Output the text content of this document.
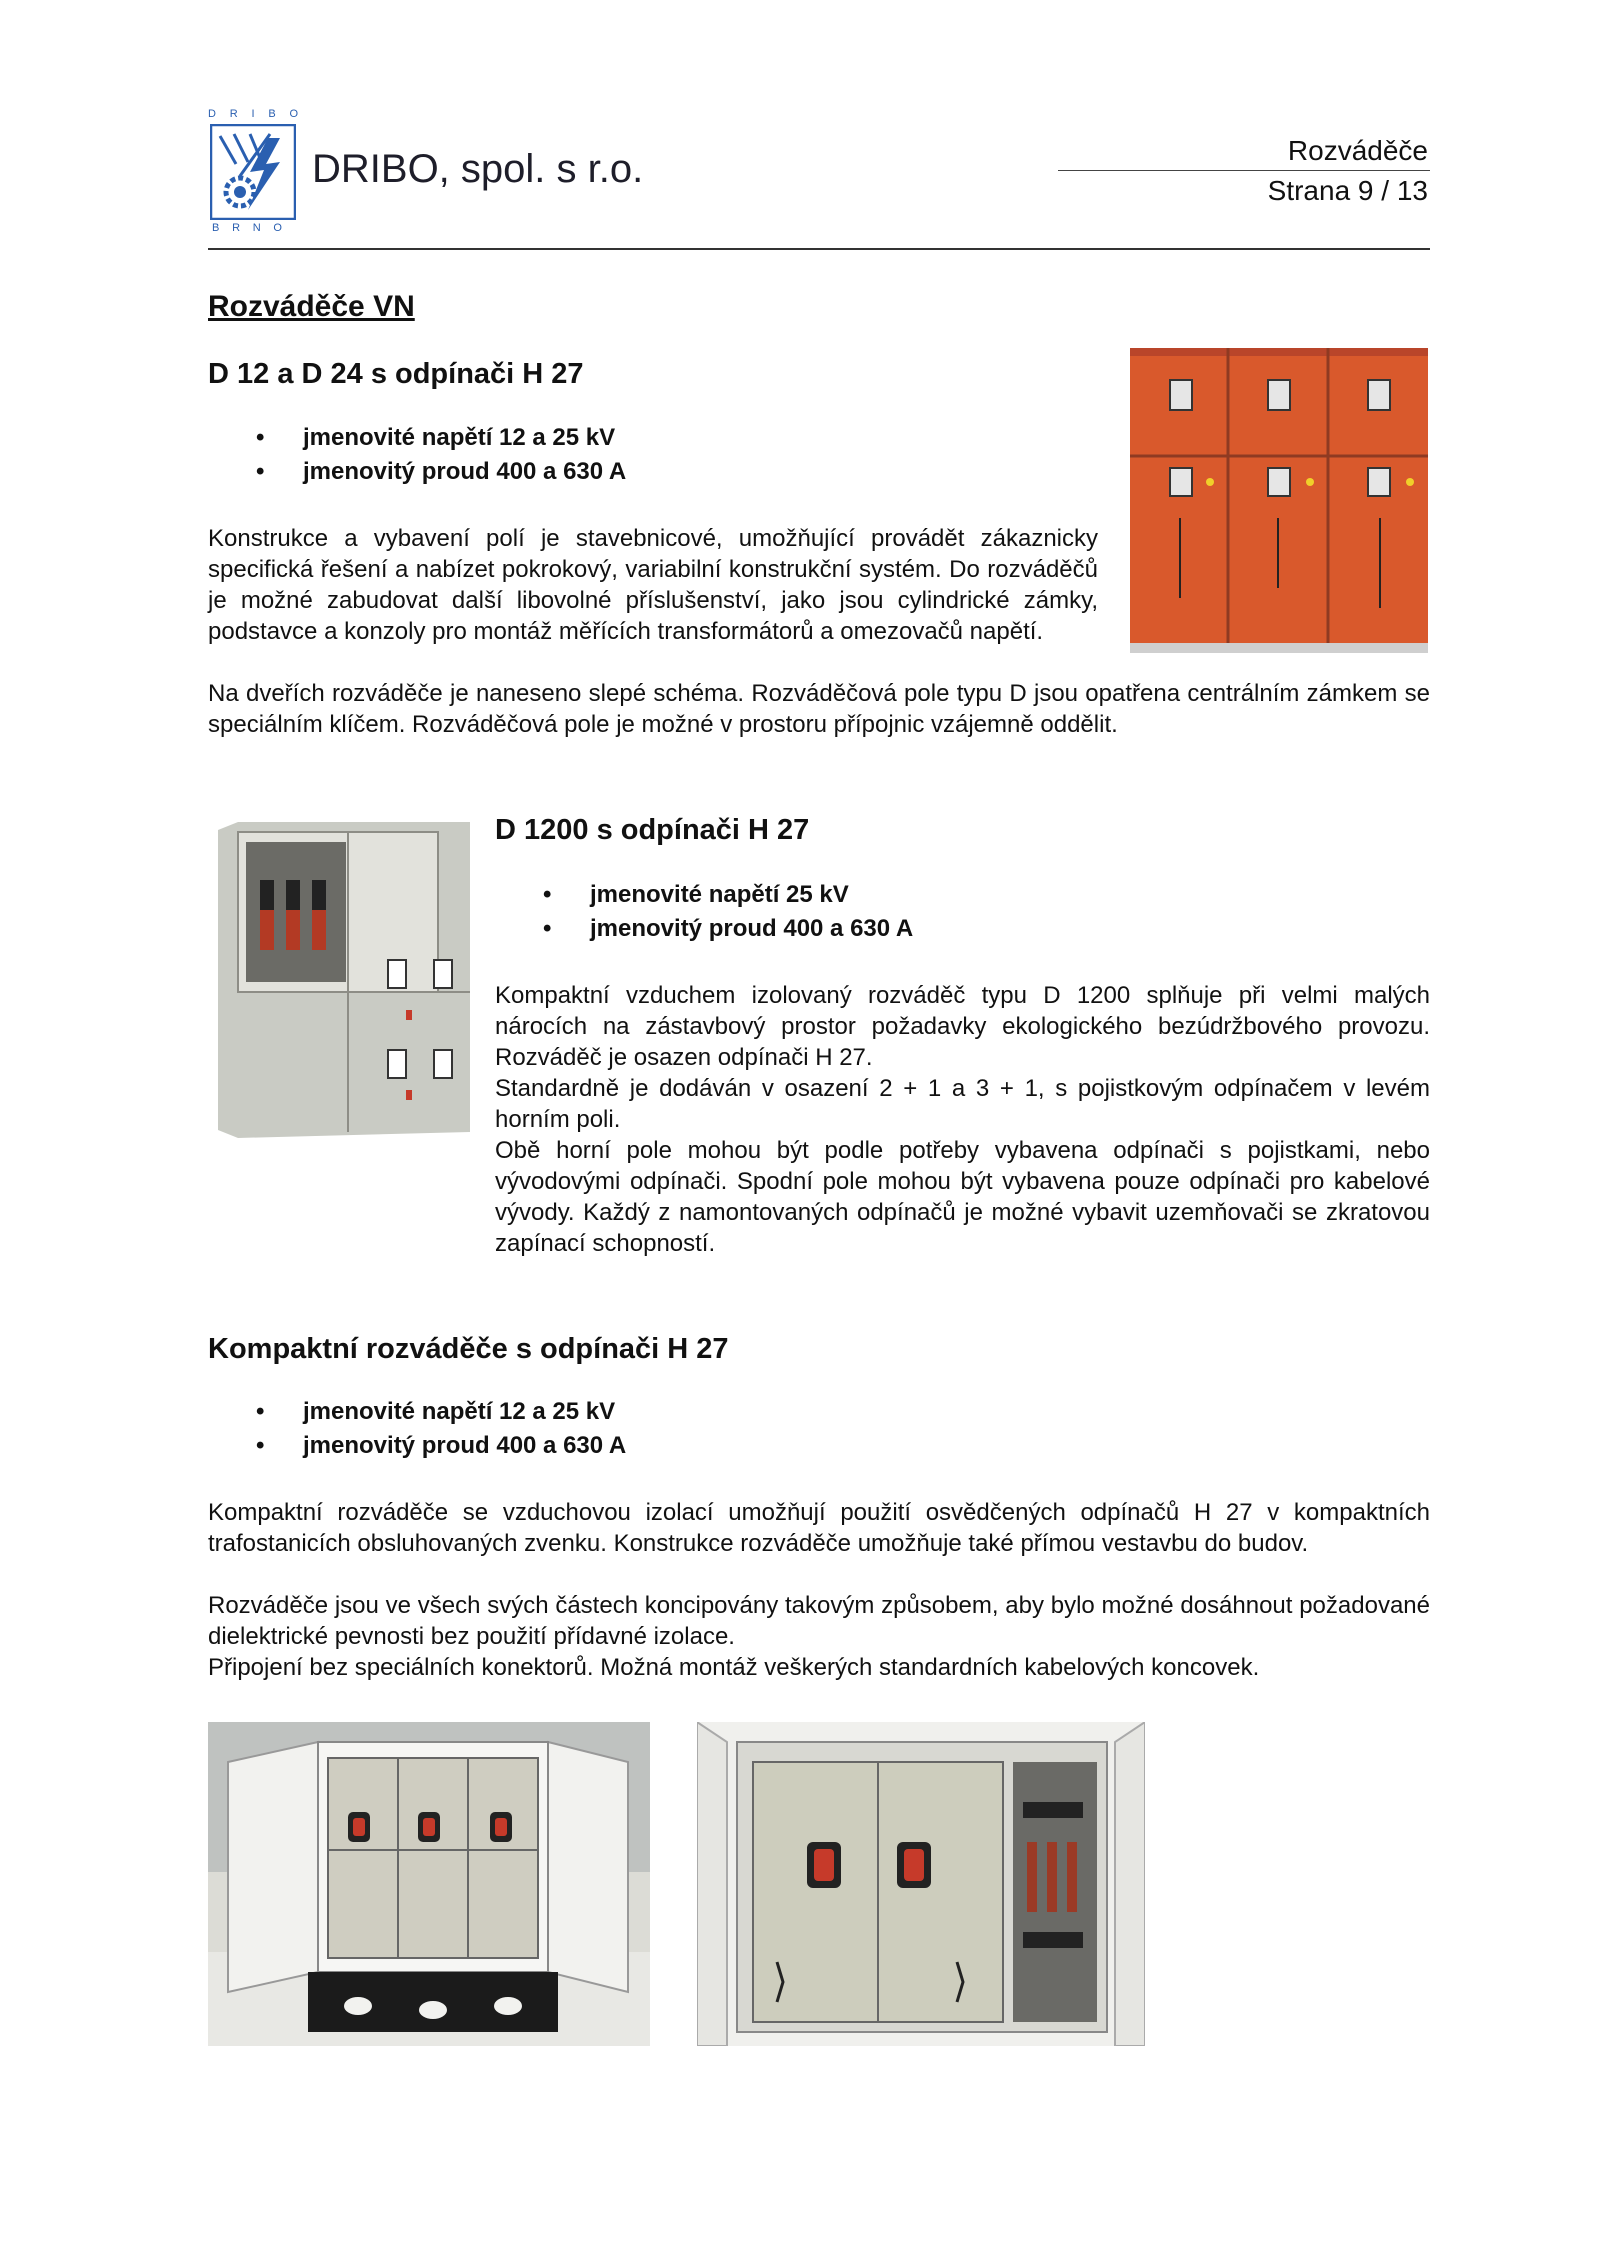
D R I B O
B R N O
DRIBO, spol. s r.o.	Rozváděče
Strana 9 / 13
Rozváděče VN
D 12 a D 24 s odpínači H 27
• jmenovité napětí 12 a 25 kV
• jmenovitý proud 400 a 630 A

Konstrukce a vybavení polí je stavebnicové, umožňující provádět zákaznicky specifická řešení a nabízet pokrokový, variabilní konstrukční systém. Do rozváděčů je možné zabudovat další libovolné příslušenství, jako jsou cylindrické zámky, podstavce a konzoly pro montáž měřících transformátorů a omezovačů napětí.

Na dveřích rozváděče je naneseno slepé schéma. Rozváděčová pole typu D jsou opatřena centrálním zámkem se speciálním klíčem. Rozváděčová pole je možné v prostoru přípojnic vzájemně oddělit.

D 1200 s odpínači H 27
• jmenovité napětí 25 kV
• jmenovitý proud 400 a 630 A

Kompaktní vzduchem izolovaný rozváděč typu D 1200 splňuje při velmi malých nárocích na zástavbový prostor požadavky ekologického bezúdržbového provozu. Rozváděč je osazen odpínači H 27.

Standardně je dodáván v osazení 2 + 1 a 3 + 1, s pojistkovým odpínačem v levém horním poli.

Obě horní pole mohou být podle potřeby vybavena odpínači s pojistkami, nebo vývodovými odpínači. Spodní pole mohou být vybavena pouze odpínači pro kabelové vývody. Každý z namontovaných odpínačů je možné vybavit uzemňovači se zkratovou zapínací schopností.

Kompaktní rozváděče s odpínači H 27
• jmenovité napětí 12 a 25 kV
• jmenovitý proud 400 a 630 A

Kompaktní rozváděče se vzduchovou izolací umožňují použití osvědčených odpínačů H 27 v kompaktních trafostanicích obsluhovaných zvenku. Konstrukce rozváděče umožňuje také přímou vestavbu do budov.

Rozváděče jsou ve všech svých částech koncipovány takovým způsobem, aby bylo možné dosáhnout požadované dielektrické pevnosti bez použití přídavné izolace.

Připojení bez speciálních konektorů. Možná montáž veškerých standardních kabelových koncovek.
